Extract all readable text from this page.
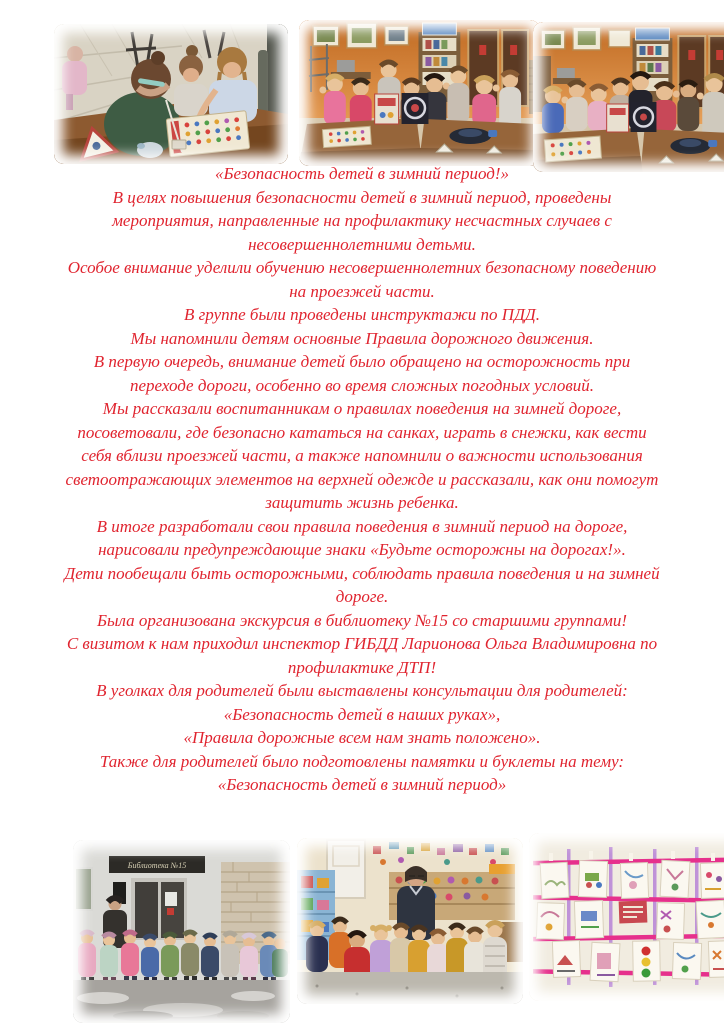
«Безопасность детей в зимний период!»

В целях повышения безопасности детей в зимний период, проведены мероприятия, направленные на профилактику несчастных случаев с несовершеннолетними детьми.

Особое внимание уделили обучению несовершеннолетних безопасному поведению на проезжей части.

В группе были проведены инструктажи по ПДД.

Мы напомнили детям основные Правила дорожного движения.

В первую очередь, внимание детей было обращено на осторожность при переходе дороги, особенно во время сложных погодных условий.

Мы рассказали воспитанникам о правилах поведения на зимней дороге, посоветовали, где безопасно кататься на санках, играть в снежки, как вести себя вблизи проезжей части, а также напомнили о важности использования светоотражающих элементов на верхней одежде и рассказали, как они помогут защитить жизнь ребенка.

В итоге разработали свои правила поведения в зимний период на дороге, нарисовали предупреждающие знаки «Будьте осторожны на дорогах!».

Дети пообещали быть осторожными, соблюдать правила поведения и на зимней дороге.

Была организована экскурсия в библиотеку №15 со старшими группами!

С визитом к нам приходил инспектор ГИБДД Ларионова Ольга Владимировна по профилактике ДТП!

В уголках для родителей были выставлены консультации для родителей:

«Безопасность детей в наших руках»,

«Правила дорожные всем нам знать положено».

Также для родителей было подготовлены памятки и буклеты на тему:

«Безопасность детей в зимний период»

Библиотека №15
